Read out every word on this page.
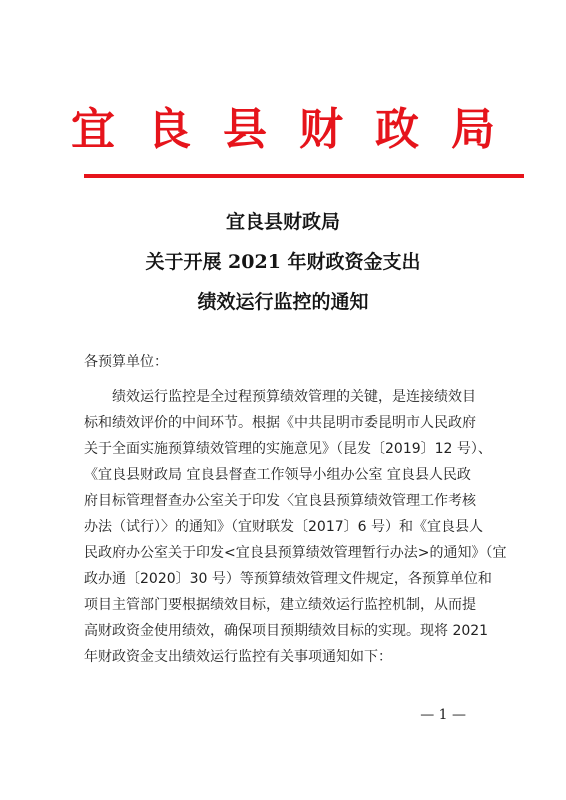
宜良县财政局
宜良县财政局
关于开展 2021 年财政资金支出
绩效运行监控的通知
各预算单位：
绩效运行监控是全过程预算绩效管理的关键，是连接绩效目
标和绩效评价的中间环节。根据《中共昆明市委昆明市人民政府
关于全面实施预算绩效管理的实施意见》（昆发〔2019〕12 号）、
《宜良县财政局 宜良县督查工作领导小组办公室 宜良县人民政
府目标管理督查办公室关于印发〈宜良县预算绩效管理工作考核
办法（试行）〉的通知》（宜财联发〔2017〕6 号）和《宜良县人
民政府办公室关于印发<宜良县预算绩效管理暂行办法>的通知》（宜
政办通〔2020〕30 号）等预算绩效管理文件规定，各预算单位和
项目主管部门要根据绩效目标，建立绩效运行监控机制，从而提
高财政资金使用绩效，确保项目预期绩效目标的实现。现将 2021
年财政资金支出绩效运行监控有关事项通知如下：
— 1 —
